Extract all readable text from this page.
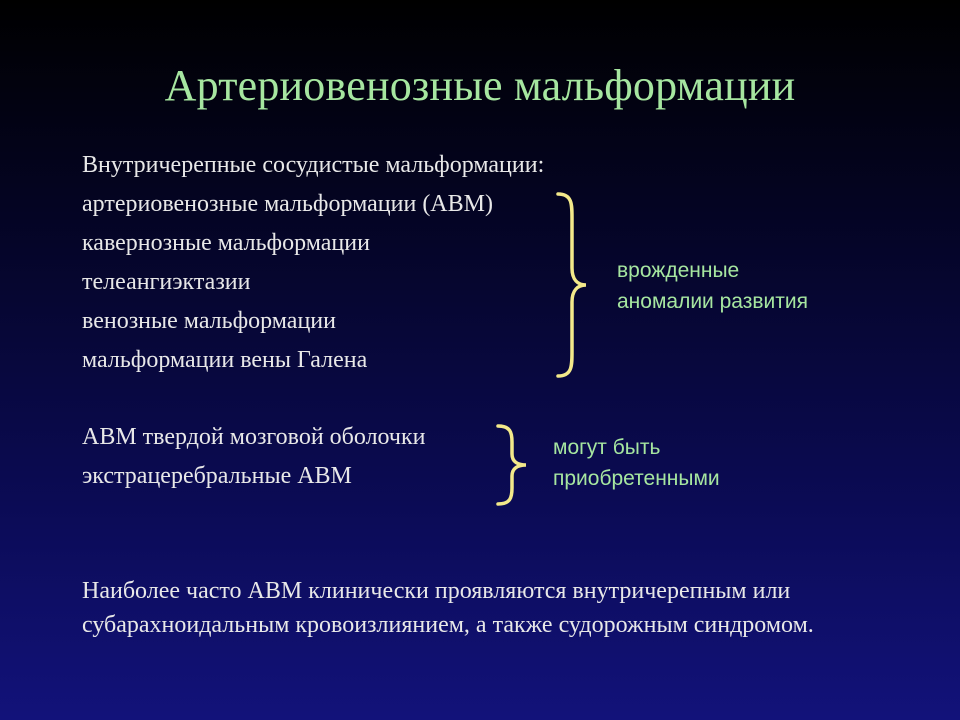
Артериовенозные мальформации
Внутричерепные сосудистые мальформации:
артериовенозные мальформации (АВМ)
кавернозные мальформации
телеангиэктазии
венозные мальформации
мальформации вены Галена
врожденные
аномалии развития
АВМ твердой мозговой оболочки
экстрацеребральные АВМ
могут быть
приобретенными
Наиболее часто АВМ клинически проявляются внутричерепным или субарахноидальным кровоизлиянием, а также судорожным синдромом.
